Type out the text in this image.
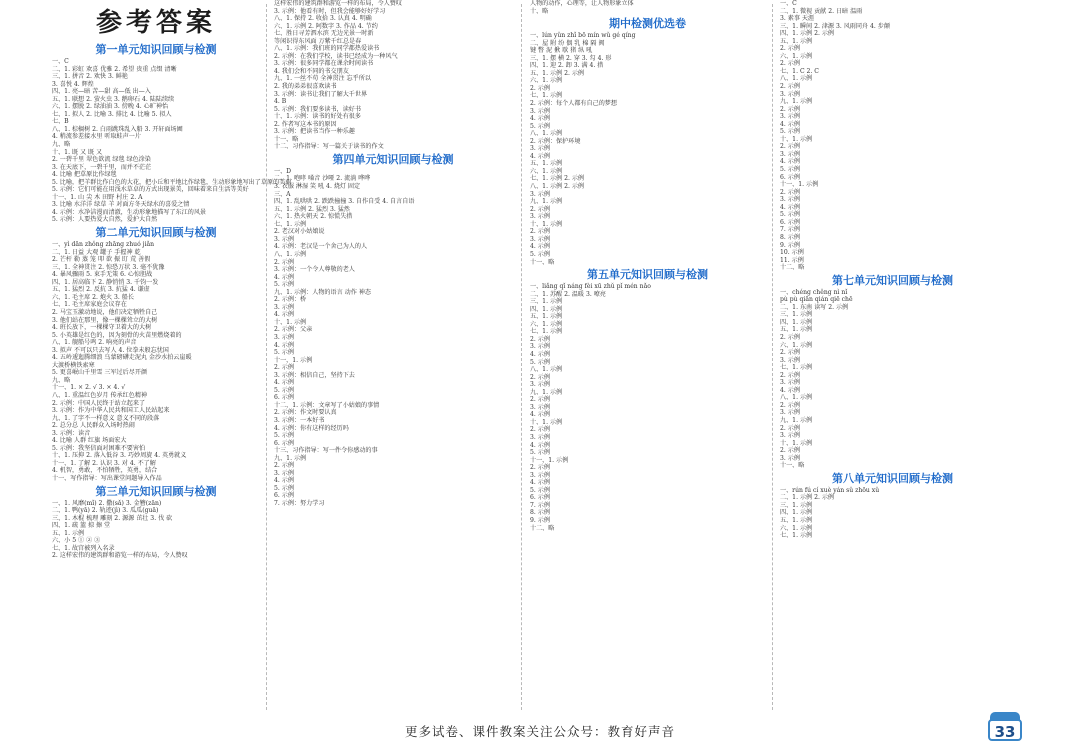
参考答案
第一单元知识回顾与检测
一、C
二、1. 彩虹 欢喜 优雅 2. 希望 贵重 点缀 清晰
三、1. 拼音 2. 欢快 3. 鲜艳
3. 喜悦 4. 辉煌
四、1. 亮—暗 苦—甜 高—低 出—入
五、1. 联想 2. 萤火虫 3. 鹅卵石 4. 陆陆续续
六、1. 摆脱 2. 绿油油 3. 傍晚 4. 心旷神怡
七、1. 拟人 2. 比喻 3. 排比 4. 比喻 5. 拟人
七、B
八、1. 棕榈树 2. 白雨跳珠乱入船 3. 开轩面场圃
4. 稍流参差接水里 听取蛙声一片
九、略
十、1. 既 又 既 又
2. 一碧千里 翠色欲流 绿毯 绿色涂染
3. 在天底下，一碧千里，而并不茫茫
4. 比喻 把草原比作绿毯
5. 比喻，把羊群比作白色的大花，把小丘和平地比作绿毯，生动形象地写出了草原的美丽
5. 示例：它们可能在用浅水草卓的方式出现景美，回味着来自生活等美好
十一、1. 山 尖 木 田野 村庄 2. A
3. 比喻 水洋洋 绿草 羊 对面方冬天绿水的喜爱之情
4. 示例：水净洁漫而清澈，生动形象地描写了东江的风景
5. 示例：人要热爱大自然，爱护大自然
第二单元知识回顾与检测
一、yì dān zhǒng zhāng zhuó jiǎn
二、1. 日益 大观 罐子 手握神 乾
2. 芒杆 勒 蒸 笼 叩 欲 振 盯 荒 善假
三、1. 全神贯注 2. 惊恐万状 3. 毫不犹豫
4. 暴风骤雨 5. 束手无策 6. 心惊胆战
四、1. 居高临下 2. 静悄悄 3. 千钧一发
五、1. 猛烈 2. 反抗 3. 抗猛 4. 谦虚
六、1. 毛主席 2. 炮火 3. 船长
七、1. 毛主席家庭会议存在
2. 马宝玉激动地说，他们决定牺牲自己
3. 他们站在那里，像一棵棵耸立的大树
4. 班长放下，一棵棵守卫着大的大树
5. 小英雄是红色的，因为刻骨的火苗里燃烧着的
八、1. 舰船号鸣 2. 响亮的声音
3. 拟声 不可以只去写人 4. 位拳未般忘忧国
4. 五岭逶迤腾细浪 乌蒙磅礴走泥丸 金沙水拍云崖暖
大渡桥横铁索寒
5. 更喜岷山千里雪 三军过后尽开颜
九、略
十一、1. × 2. √ 3. × 4. √
八、1. 重温红色岁月 传承红色精神
2. 示例：中国人民终于站立起来了
3. 示例：作为中华人民共和国工人民站起来
九、1. 了字不一样意义 意义不同的段落
2. 总分总 人民群众入场时热闹
3. 示例：读音
4. 比喻 人群 红旗 场面宏大
5. 示例：我坚信面对困难不要害怕
十、1. 压抑 2. 落入低谷 3. 巧妙周旋 4. 英勇就义
十一、1. 了解 2. 认识 3. 对 4. 不了解
4. 机智，勇敢，不怕牺牲，英勇，结合
十一、写作指导：写出课堂问题导入作品
第三单元知识回顾与检测
一、1. 风靡(mǐ) 2. 撒(sǎ) 3. 金簪(zān)
二、1. 鸭(yā) 2. 轨迹(jì) 3. 瓜瓜(guā)
三、1. 木棍 梳理 雕刻 2. 源源 茁壮 3. 伐 砍
四、1. 疏 篮 掠 擦 堂
五、1. 示例
六、小 5 ① ② ③
七、1. 故宫被列入名录
2. 这样宏伟的建筑群和游览一样的布局，令人赞叹
这样宏伟的建筑群和游览一样的布局，令人赞叹
3. 示例：他看有时，但我会能够好好学习
八、1. 保持 2. 收拾 3. 认真 4. 明确
六、1. 示例 2. 阿数字 3. 作品 4. 节约
七、胜日寻芳泗水滨 无边光景一时新
等闲识得东风面 万紫千红总是春
八、1. 示例：我们班的同学都热爱读书
2. 示例：在我们学校，读书已经成为一种风气
3. 示例：很多同学都在课余时间读书
4. 我们会和不同的书交朋友
九、1. 一丝不苟 全神贯注 忘乎所以
2. 我的弟弟很喜欢读书
3. 示例：读书让我们了解大千世界
4. B
5. 示例：我们要多读书，读好书
十、1. 示例：读书的好处有很多
2. 作者写这本书的原因
3. 示例：把读书当作一种乐趣
十一、略
十二、习作指导：写一篇关于读书的作文
第四单元知识回顾与检测
一、D
二、1. 咆哮 嗓音 沙哑 2. 流淌 哗哗
3. 衣服 淋湿 笑 吼 4. 烧灯 固定
三、A
四、1. 乱哄哄 2. 跌跌撞撞 3. 自作自受 4. 自言自语
五、1. 示例 2. 猛烈 3. 猛然
六、1. 热火朝天 2. 惊慌失措
七、1. 示例
2. 老汉对小姑娘说
3. 示例
4. 示例：老汉是一个舍己为人的人
八、1. 示例
2. 示例
3. 示例：一个令人尊敬的老人
4. 示例
5. 示例
九、1. 示例：人物的语言 动作 神态
2. 示例：桥
3. 示例
4. 示例
十、1. 示例
2. 示例：父亲
3. 示例
4. 示例
5. 示例
十一、1. 示例
2. 示例
3. 示例：相信自己，坚持下去
4. 示例
5. 示例
6. 示例
十二、1. 示例：文章写了小姑娘的事情
2. 示例：作文时要认真
3. 示例：一本好书
4. 示例：你有这样的经历吗
5. 示例
6. 示例
十三、习作指导：写一件令你感动的事
九、1. 示例
2. 示例
3. 示例
4. 示例
5. 示例
6. 示例
7. 示例：努力学习
人物的动作，心理等，让人物形象立体
十、略
期中检测优选卷
一、lún yǔn zhǐ bō mín wǔ gé qíng
二、屋 附 纷 偶 乳 棉 隔 阀
键 瞥 泥 揪 歇 猪 纵 吼
三、1. 摆 横 2. 穿 3. 勾 4. 形
四、1. 迎 2. 卸 3. 满 4. 措
五、1. 示例 2. 示例
六、1. 示例
2. 示例
七、1. 示例
2. 示例：每个人都有自己的梦想
3. 示例
4. 示例
5. 示例
八、1. 示例
2. 示例：保护环境
3. 示例
4. 示例
五、1. 示例
六、1. 示例
七、1. 示例 2. 示例
八、1. 示例 2. 示例
3. 示例
九、1. 示例
2. 示例
3. 示例
十、1. 示例
2. 示例
3. 示例
4. 示例
5. 示例
十一、略
第五单元知识回顾与检测
一、liǎng qǐ náng fèi xū zhǔ pǐ mén nǎo
二、1. 苏醒 2. 温暖 3. 嘹亮
三、1. 示例
四、1. 示例
五、1. 示例
六、1. 示例
七、1. 示例
2. 示例
3. 示例
4. 示例
5. 示例
八、1. 示例
2. 示例
3. 示例
九、1. 示例
2. 示例
3. 示例
4. 示例
十、1. 示例
2. 示例
3. 示例
4. 示例
5. 示例
十一、1. 示例
2. 示例
3. 示例
4. 示例
5. 示例
6. 示例
7. 示例
8. 示例
9. 示例
十二、略
一、C
二、1. 微视 贡献 2. 日暗 温雨
3. 素事 天涯
三、1. 瞬间 2. 津源 3. 风雨同舟 4. 步颠
四、1. 示例 2. 示例
五、1. 示例
2. 示例
六、1. 示例
2. 示例
七、1. C 2. C
八、1. 示例
2. 示例
3. 示例
九、1. 示例
2. 示例
3. 示例
4. 示例
5. 示例
十、1. 示例
2. 示例
3. 示例
4. 示例
5. 示例
6. 示例
十一、1. 示例
2. 示例
3. 示例
4. 示例
5. 示例
6. 示例
7. 示例
8. 示例
9. 示例
10. 示例
11. 示例
十二、略
第七单元知识回顾与检测
一、chéng chěng nì nǐ
pù pù qiān qián qiē chē
二、1. 东南 读写 2. 示例
三、1. 示例
四、1. 示例
五、1. 示例
2. 示例
六、1. 示例
2. 示例
3. 示例
七、1. 示例
2. 示例
3. 示例
4. 示例
八、1. 示例
2. 示例
3. 示例
九、1. 示例
2. 示例
3. 示例
十、1. 示例
2. 示例
3. 示例
十一、略
第八单元知识回顾与检测
一、rún fú cí xuè yán sǔ zhōu xǔ
二、1. 示例 2. 示例
三、1. 示例
四、1. 示例
五、1. 示例
六、1. 示例
七、1. 示例
更多试卷、课件教案关注公众号：教育好声音	33
